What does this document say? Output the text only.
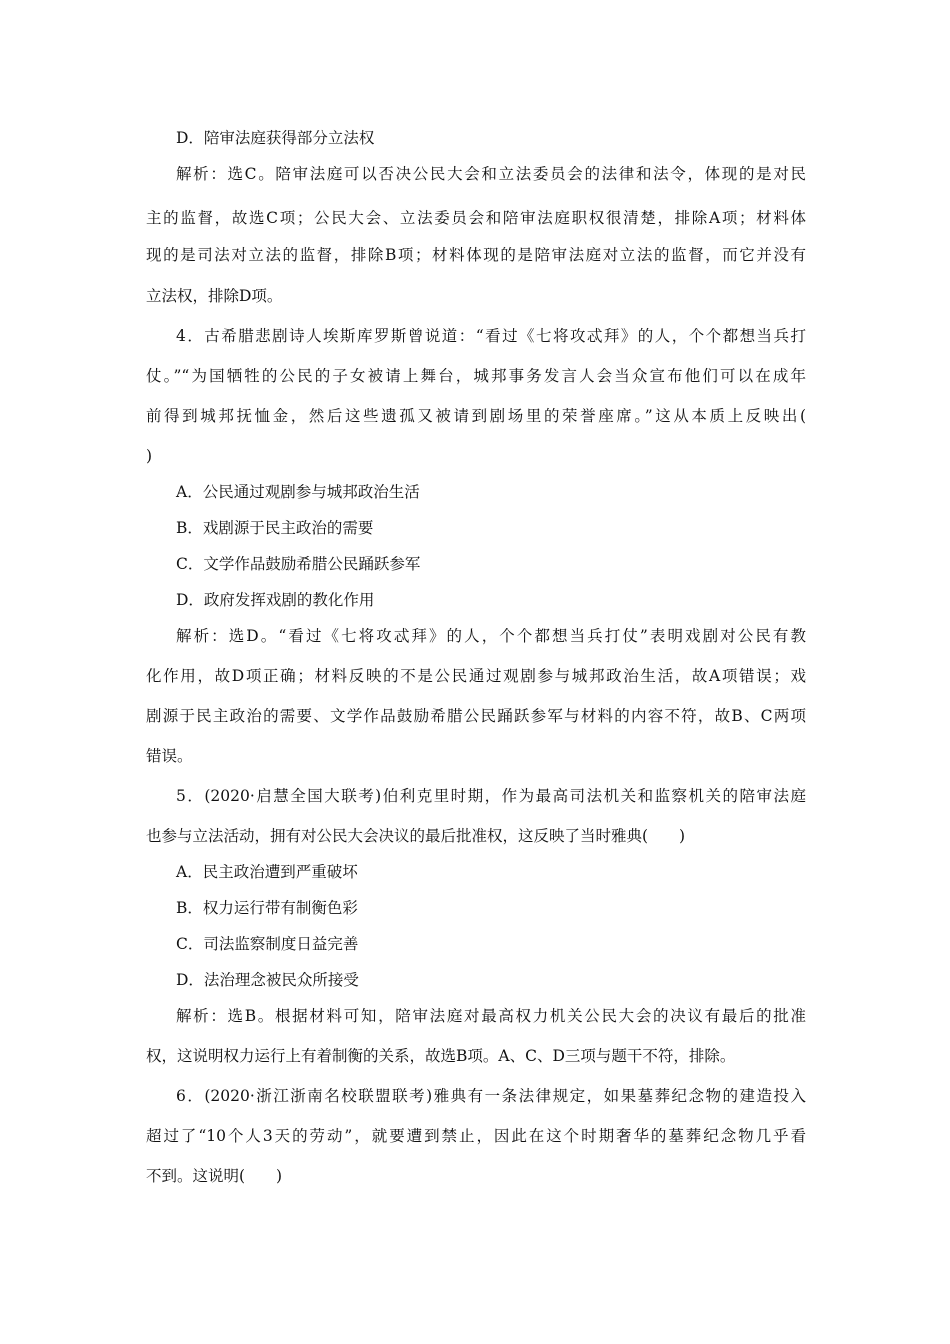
D．陪审法庭获得部分立法权

解析：选C。陪审法庭可以否决公民大会和立法委员会的法律和法令，体现的是对民

主的监督，故选C项；公民大会、立法委员会和陪审法庭职权很清楚，排除A项；材料体

现的是司法对立法的监督，排除B项；材料体现的是陪审法庭对立法的监督，而它并没有

立法权，排除D项。

4．古希腊悲剧诗人埃斯库罗斯曾说道：“看过《七将攻忒拜》的人，个个都想当兵打

仗。”“为国牺牲的公民的子女被请上舞台，城邦事务发言人会当众宣布他们可以在成年

前得到城邦抚恤金，然后这些遗孤又被请到剧场里的荣誉座席。”这从本质上反映出(

)

A．公民通过观剧参与城邦政治生活

B．戏剧源于民主政治的需要

C．文学作品鼓励希腊公民踊跃参军

D．政府发挥戏剧的教化作用

解析：选D。“看过《七将攻忒拜》的人，个个都想当兵打仗”表明戏剧对公民有教

化作用，故D项正确；材料反映的不是公民通过观剧参与城邦政治生活，故A项错误；戏

剧源于民主政治的需要、文学作品鼓励希腊公民踊跃参军与材料的内容不符，故B、C两项

错误。

5．(2020·启慧全国大联考)伯利克里时期，作为最高司法机关和监察机关的陪审法庭

也参与立法活动，拥有对公民大会决议的最后批准权，这反映了当时雅典(　　)

A．民主政治遭到严重破坏

B．权力运行带有制衡色彩

C．司法监察制度日益完善

D．法治理念被民众所接受

解析：选B。根据材料可知，陪审法庭对最高权力机关公民大会的决议有最后的批准

权，这说明权力运行上有着制衡的关系，故选B项。A、C、D三项与题干不符，排除。

6．(2020·浙江浙南名校联盟联考)雅典有一条法律规定，如果墓葬纪念物的建造投入

超过了“10个人3天的劳动”，就要遭到禁止，因此在这个时期奢华的墓葬纪念物几乎看

不到。这说明(　　)
